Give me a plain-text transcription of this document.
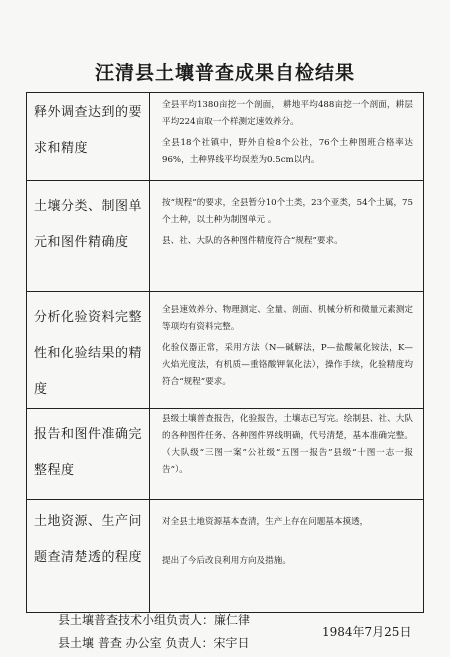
汪清县土壤普查成果自检结果
释外调查达到的要求和精度	全县平均1380亩挖一个剖面， 耕地平均488亩挖一个剖面，耕层平均224亩取一个样测定速效养分。

全县18个社镇中，野外自检8个公社，76个土种图班合格率达96%，土种界线平均误差为0.5cm以内。

土壤分类、制图单元和图件精确度	按“规程”的要求，全县暂分10个土类，23个亚类，54个土属，75个土种，以土种为制图单元 。

县、社、大队的各种图件精度符合“规程”要求。

分析化验资料完整性和化验结果的精度	全县速效养分、物理测定、全量、剖面、机械分析和微量元素测定等项均有资料完整。

化验仪器正常，采用方法（N—碱解法，P—盐酸氟化铵法，K—火焰光度法，有机质—重铬酸钾氧化法），操作手续，化验精度均符合“规程”要求。

报告和图件准确完整程度	县级土壤普查报告，化验报告，土壤志已写完。绘制县、社、大队的各种图件任务、各种图件界线明确，代号清楚，基本准确完整。（大队级“三图一案”公社级“五图一报告”县级“十图一志一报告”）。

土地资源、生产问题查清楚透的程度	对全县土地资源基本查清，生产上存在问题基本摸透，

提出了今后改良利用方向及措施。

县土壤普查技术小组负责人：廉仁律
县土壤 普查 办公室 负责人：宋宇日
1984年7月25日
